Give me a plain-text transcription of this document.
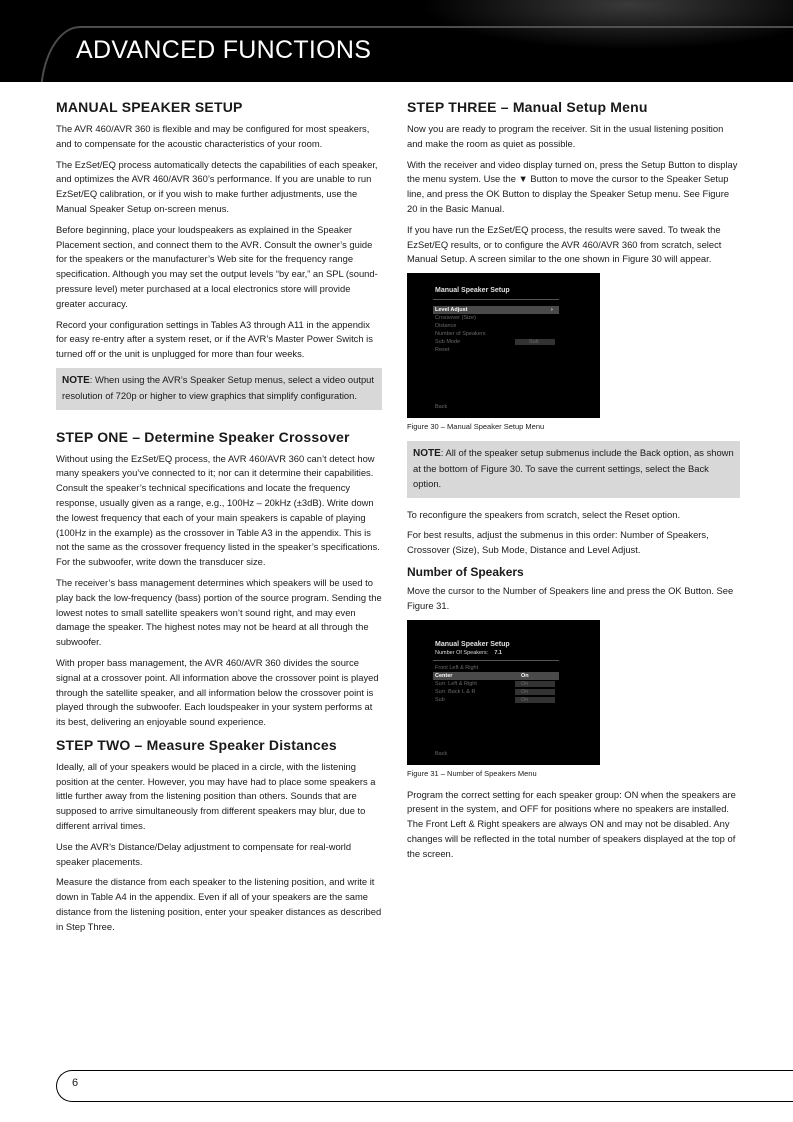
ADVANCED FUNCTIONS
MANUAL SPEAKER SETUP

The AVR 460/AVR 360 is flexible and may be configured for most speakers, and to compensate for the acoustic characteristics of your room.

The EzSet/EQ process automatically detects the capabilities of each speaker, and optimizes the AVR 460/AVR 360’s performance. If you are unable to run EzSet/EQ calibration, or if you wish to make further adjustments, use the Manual Speaker Setup on-screen menus.

Before beginning, place your loudspeakers as explained in the Speaker Placement section, and connect them to the AVR. Consult the owner’s guide for the speakers or the manufacturer’s Web site for the frequency range specification. Although you may set the output levels “by ear,” an SPL (sound-pressure level) meter purchased at a local electronics store will provide greater accuracy.

Record your configuration settings in Tables A3 through A11 in the appendix for easy re-entry after a system reset, or if the AVR’s Master Power Switch is turned off or the unit is unplugged for more than four weeks.

NOTE: When using the AVR’s Speaker Setup menus, select a video output resolution of 720p or higher to view graphics that simplify configuration.

STEP ONE – Determine Speaker Crossover

Without using the EzSet/EQ process, the AVR 460/AVR 360 can’t detect how many speakers you’ve connected to it; nor can it determine their capabilities. Consult the speaker’s technical specifications and locate the frequency response, usually given as a range, e.g., 100Hz – 20kHz (±3dB). Write down the lowest frequency that each of your main speakers is capable of playing (100Hz in the example) as the crossover in Table A3 in the appendix. This is not the same as the crossover frequency listed in the speaker’s specifications. For the subwoofer, write down the transducer size.

The receiver’s bass management determines which speakers will be used to play back the low-frequency (bass) portion of the source program. Sending the lowest notes to small satellite speakers won’t sound right, and may even damage the speaker. The highest notes may not be heard at all through the subwoofer.

With proper bass management, the AVR 460/AVR 360 divides the source signal at a crossover point. All information above the crossover point is played through the satellite speaker, and all information below the crossover point is played through the subwoofer. Each loudspeaker in your system performs at its best, delivering an enjoyable sound experience.

STEP TWO – Measure Speaker Distances

Ideally, all of your speakers would be placed in a circle, with the listening position at the center. However, you may have had to place some speakers a little further away from the listening position than others. Sounds that are supposed to arrive simultaneously from different speakers may blur, due to different arrival times.

Use the AVR’s Distance/Delay adjustment to compensate for real-world speaker placements.

Measure the distance from each speaker to the listening position, and write it down in Table A4 in the appendix. Even if all of your speakers are the same distance from the listening position, enter your speaker distances as described in Step Three.

STEP THREE – Manual Setup Menu

Now you are ready to program the receiver. Sit in the usual listening position and make the room as quiet as possible.

With the receiver and video display turned on, press the Setup Button to display the menu system. Use the ▼ Button to move the cursor to the Speaker Setup line, and press the OK Button to display the Speaker Setup menu. See Figure 20 in the Basic Manual.

If you have run the EzSet/EQ process, the results were saved. To tweak the EzSet/EQ results, or to configure the AVR 460/AVR 360 from scratch, select Manual Setup. A screen similar to the one shown in Figure 30 will appear.

Manual Speaker Setup
Level Adjust	›
Crossover (Size)
Distance
Number of Speakers
Sub Mode	Sub
Reset
Back
Figure 30 – Manual Speaker Setup Menu

NOTE: All of the speaker setup submenus include the Back option, as shown at the bottom of Figure 30. To save the current settings, select the Back option.

To reconfigure the speakers from scratch, select the Reset option.

For best results, adjust the submenus in this order: Number of Speakers, Crossover (Size), Sub Mode, Distance and Level Adjust.

Number of Speakers

Move the cursor to the Number of Speakers line and press the OK Button. See Figure 31.

Manual Speaker Setup
Number Of Speakers: 7.1
Front Left & Right
Center	On
Surr. Left & Right	On
Surr. Back L & R	On
Sub	On
Back
Figure 31 – Number of Speakers Menu

Program the correct setting for each speaker group: ON when the speakers are present in the system, and OFF for positions where no speakers are installed. The Front Left & Right speakers are always ON and may not be disabled. Any changes will be reflected in the total number of speakers displayed at the top of the screen.

6
